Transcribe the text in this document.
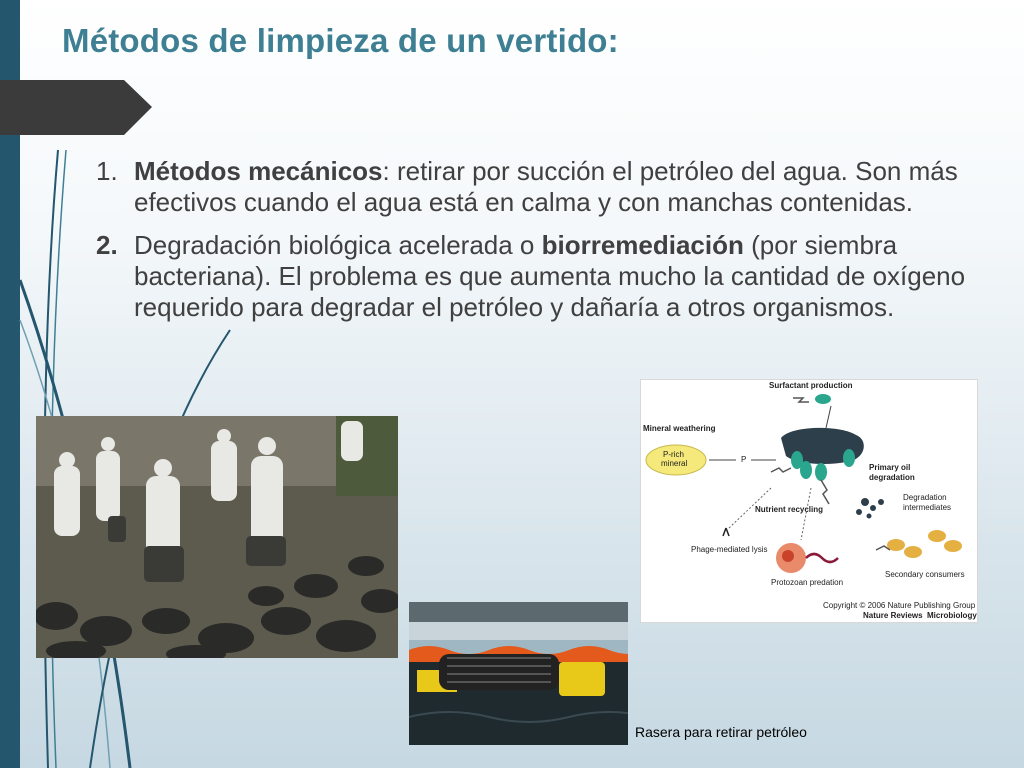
Métodos de limpieza de un vertido:
1. Métodos mecánicos: retirar por succión el petróleo del agua. Son más efectivos cuando el agua está en calma y con manchas contenidas.
2. Degradación biológica acelerada o biorremediación (por siembra bacteriana). El problema es que aumenta mucho la cantidad de oxígeno requerido para degradar el petróleo y dañaría a otros organismos.
Surfactant production
Mineral weathering
P-rich
mineral	P
Primary oil
degradation
Degradation
intermediates
Nutrient recycling
Phage-mediated lysis
Protozoan predation
Secondary consumers
Copyright © 2006 Nature Publishing Group
Nature Reviews Microbiology
Rasera para retirar petróleo
